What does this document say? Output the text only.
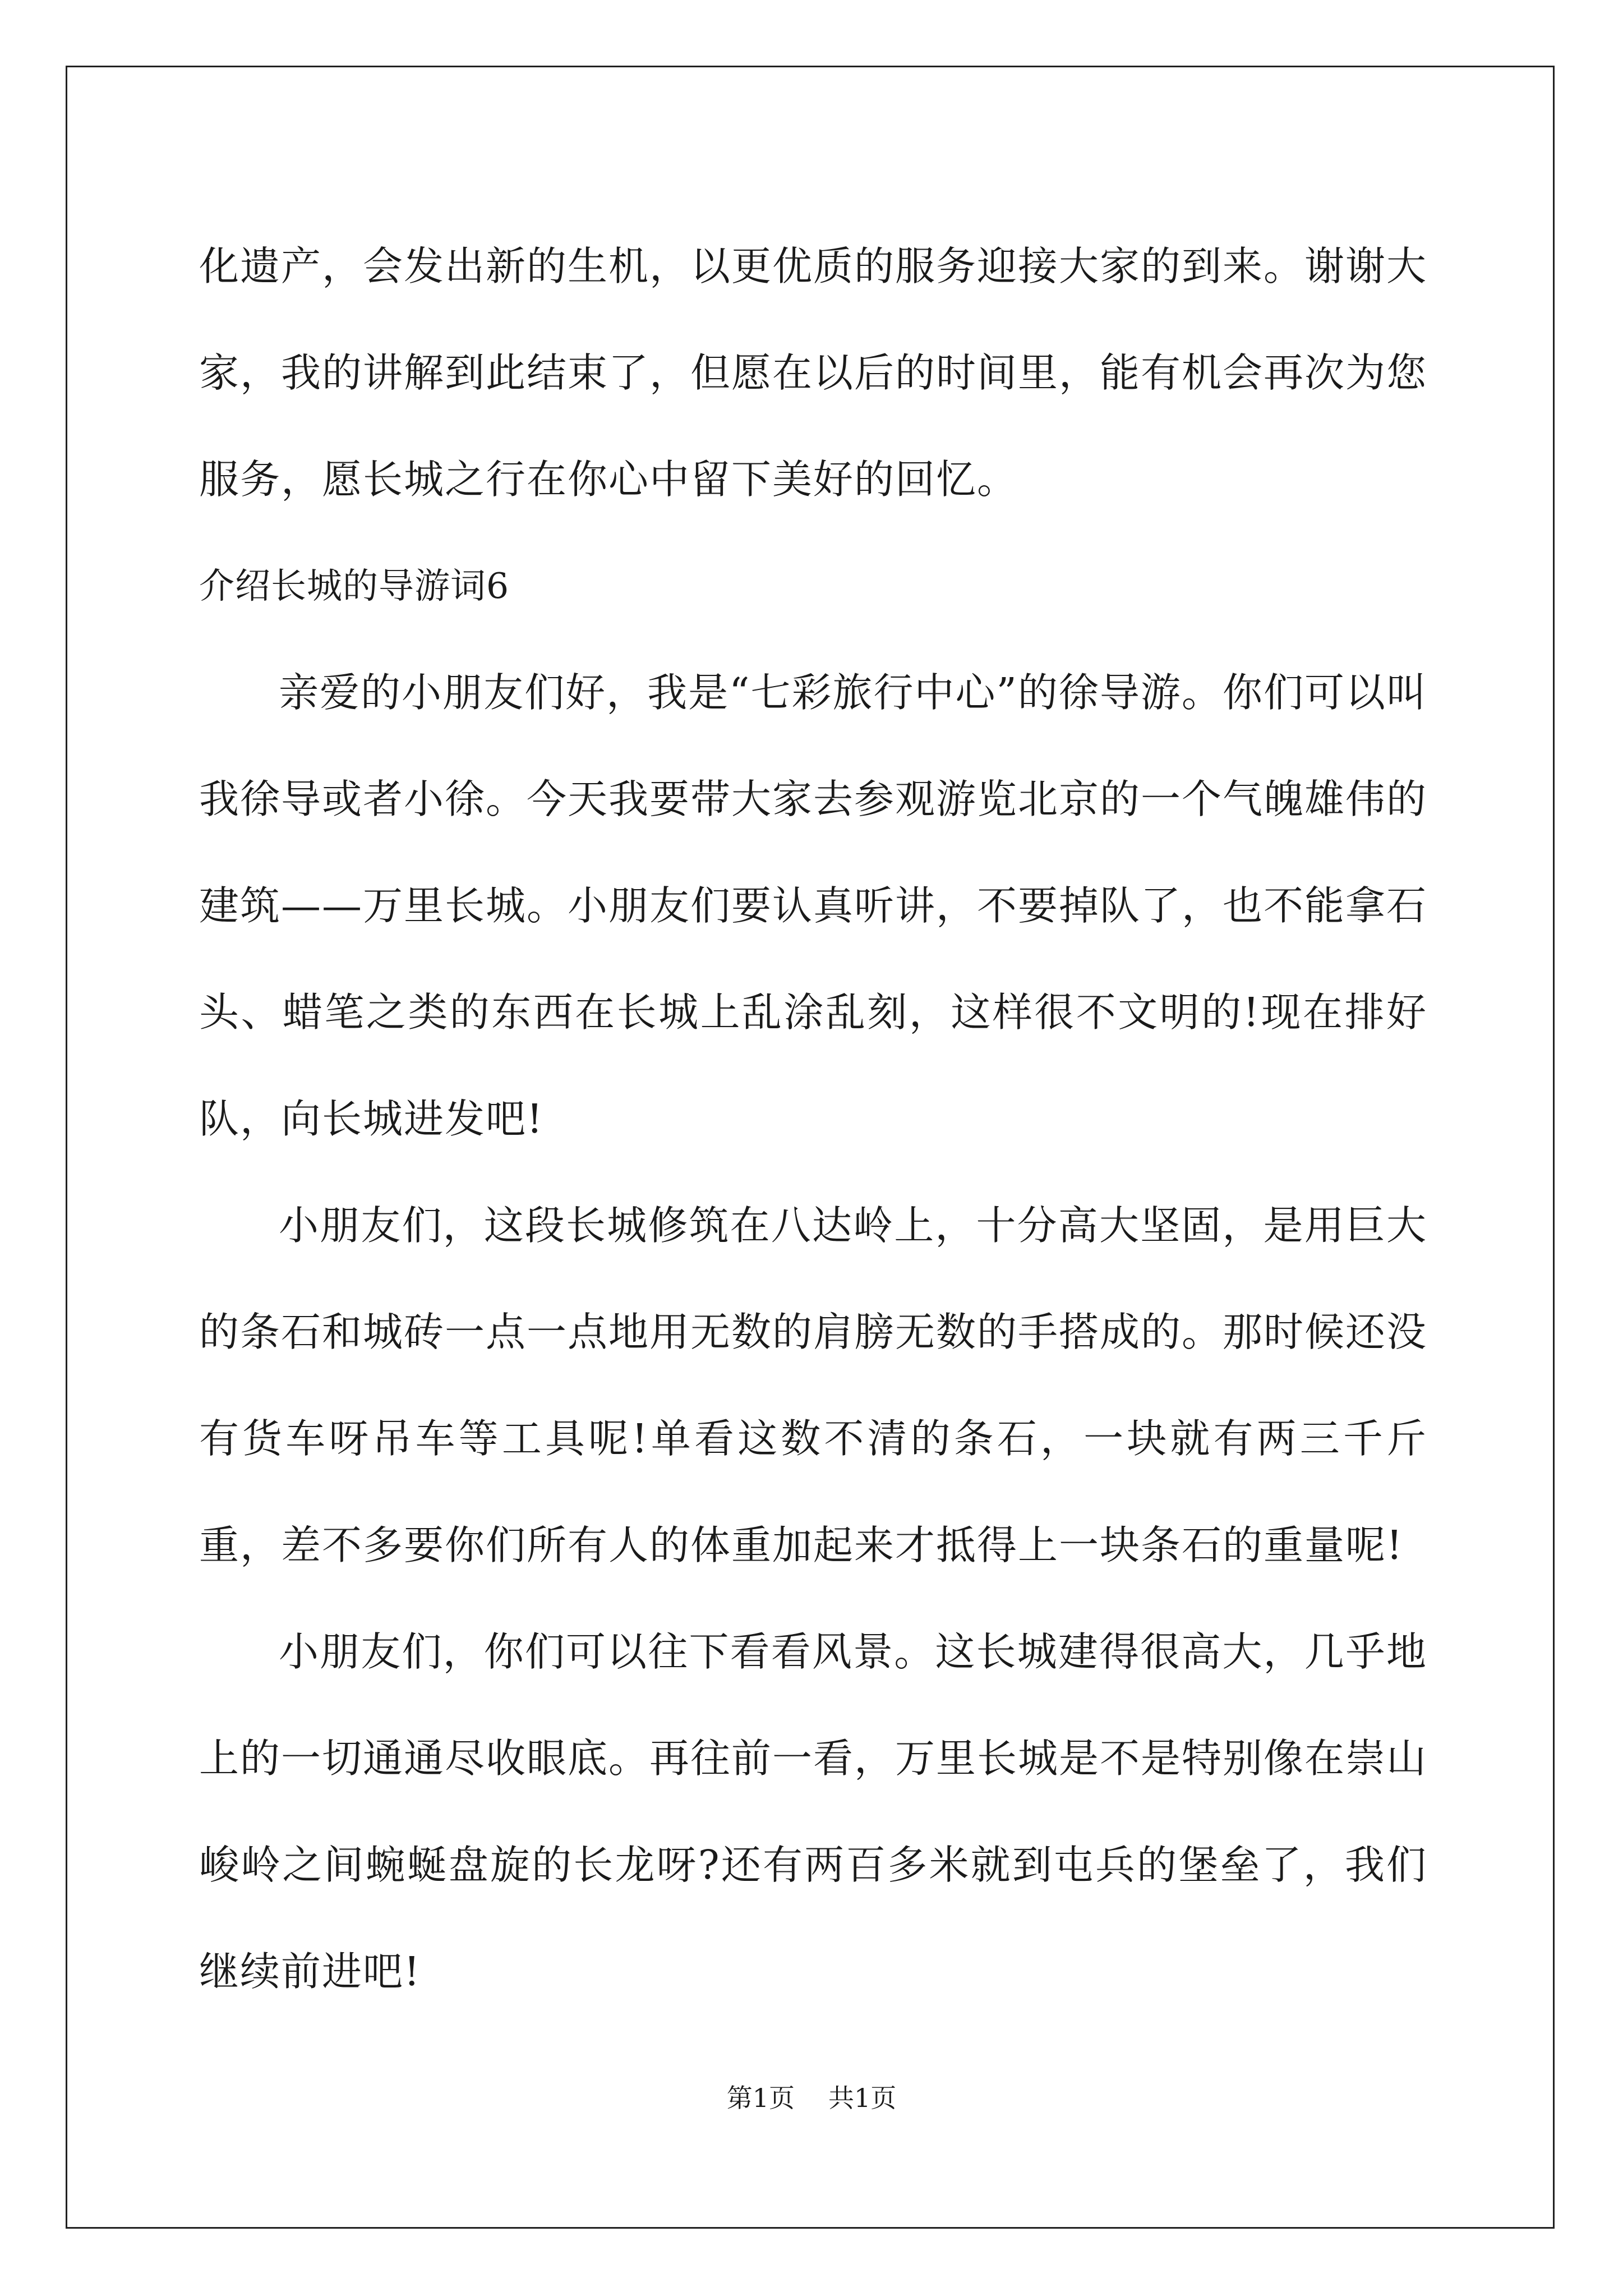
化遗产，会发出新的生机，以更优质的服务迎接大家的到来。谢谢大家，我的讲解到此结束了，但愿在以后的时间里，能有机会再次为您服务，愿长城之行在你心中留下美好的回忆。

介绍长城的导游词6

亲爱的小朋友们好，我是“七彩旅行中心”的徐导游。你们可以叫我徐导或者小徐。今天我要带大家去参观游览北京的一个气魄雄伟的建筑——万里长城。小朋友们要认真听讲，不要掉队了，也不能拿石头、蜡笔之类的东西在长城上乱涂乱刻，这样很不文明的!现在排好队，向长城进发吧!

小朋友们，这段长城修筑在八达岭上，十分高大坚固，是用巨大的条石和城砖一点一点地用无数的肩膀无数的手搭成的。那时候还没有货车呀吊车等工具呢!单看这数不清的条石，一块就有两三千斤重，差不多要你们所有人的体重加起来才抵得上一块条石的重量呢!

小朋友们，你们可以往下看看风景。这长城建得很高大，几乎地上的一切通通尽收眼底。再往前一看，万里长城是不是特别像在崇山峻岭之间蜿蜒盘旋的长龙呀?还有两百多米就到屯兵的堡垒了，我们继续前进吧!

第1页 共1页
